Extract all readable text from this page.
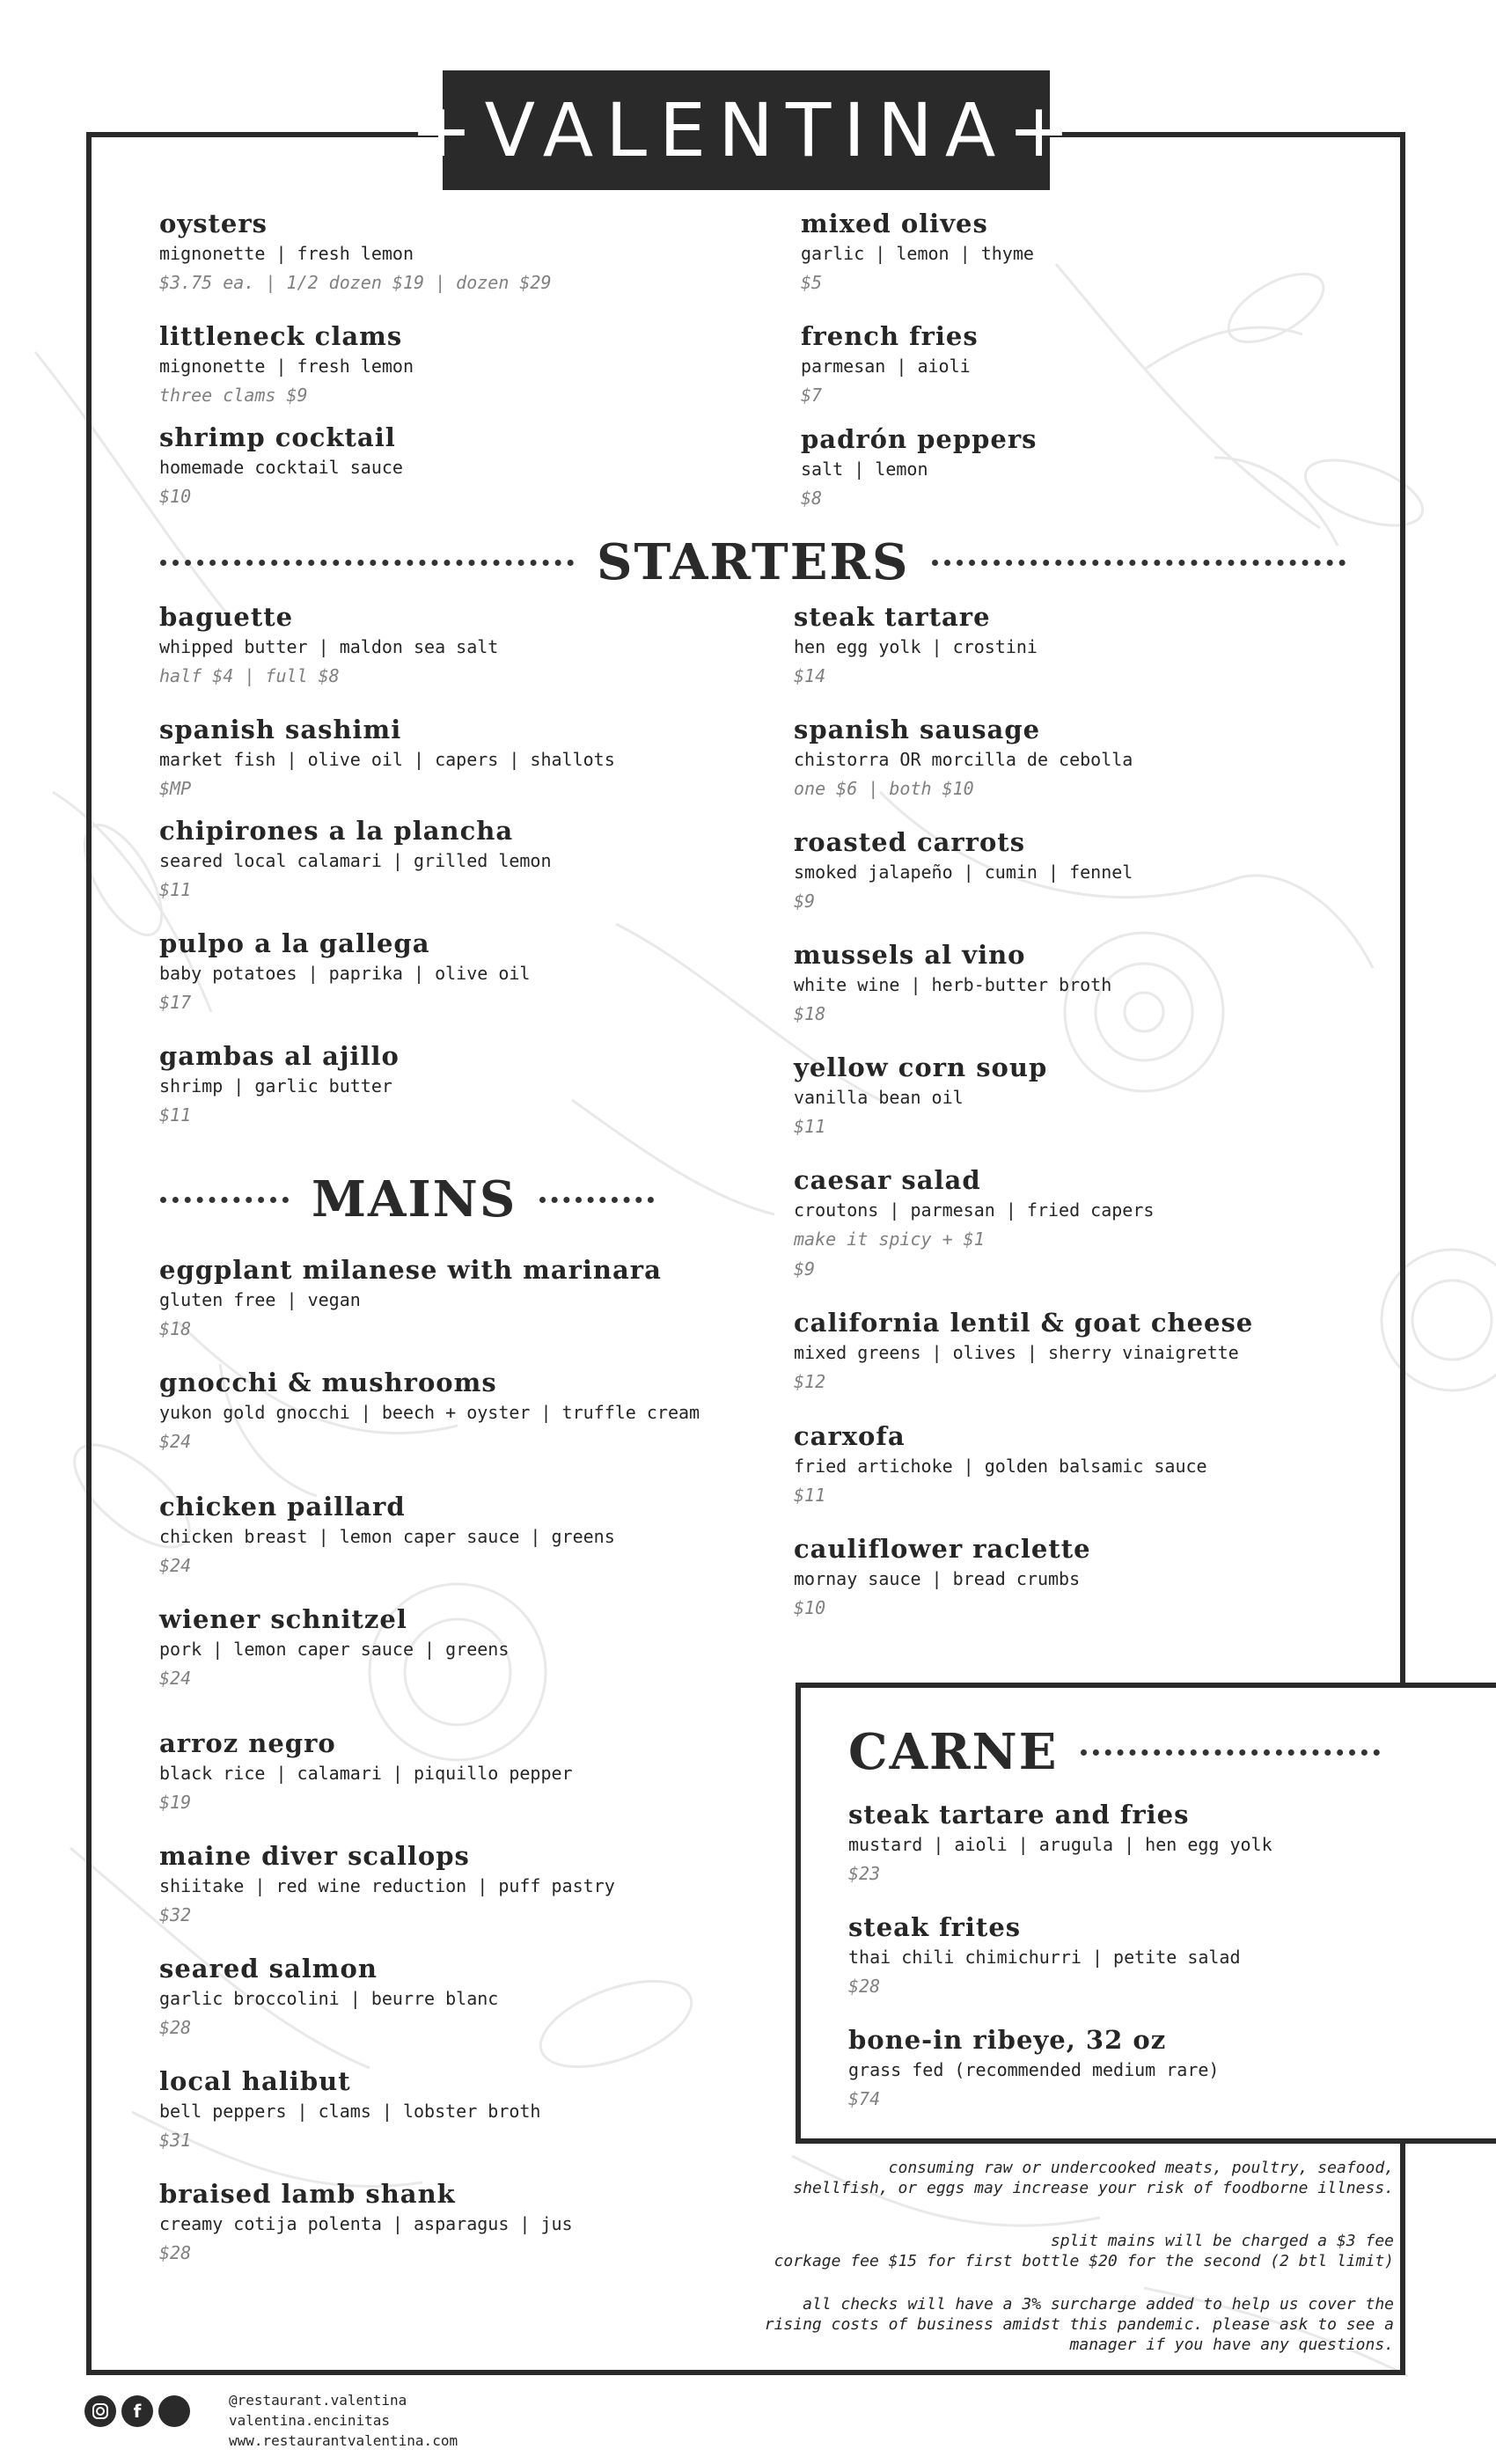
+VALENTINA+
oysters
mignonette | fresh lemon
$3.75 ea. | 1/2 dozen $19 | dozen $29
littleneck clams
mignonette | fresh lemon
three clams $9
shrimp cocktail
homemade cocktail sauce
$10
mixed olives
garlic | lemon | thyme
$5
french fries
parmesan | aioli
$7
padrón peppers
salt | lemon
$8
STARTERS
baguette
whipped butter | maldon sea salt
half $4 | full $8
spanish sashimi
market fish | olive oil | capers | shallots
$MP
chipirones a la plancha
seared local calamari | grilled lemon
$11
pulpo a la gallega
baby potatoes | paprika | olive oil
$17
gambas al ajillo
shrimp | garlic butter
$11
steak tartare
hen egg yolk | crostini
$14
spanish sausage
chistorra OR morcilla de cebolla
one $6 | both $10
roasted carrots
smoked jalapeño | cumin | fennel
$9
mussels al vino
white wine | herb-butter broth
$18
yellow corn soup
vanilla bean oil
$11
caesar salad
croutons | parmesan | fried capers
make it spicy + $1
$9
california lentil & goat cheese
mixed greens | olives | sherry vinaigrette
$12
carxofa
fried artichoke | golden balsamic sauce
$11
cauliflower raclette
mornay sauce | bread crumbs
$10
MAINS
eggplant milanese with marinara
gluten free | vegan
$18
gnocchi & mushrooms
yukon gold gnocchi | beech + oyster | truffle cream
$24
chicken paillard
chicken breast | lemon caper sauce | greens
$24
wiener schnitzel
pork | lemon caper sauce | greens
$24
arroz negro
black rice | calamari | piquillo pepper
$19
maine diver scallops
shiitake | red wine reduction | puff pastry
$32
seared salmon
garlic broccolini | beurre blanc
$28
local halibut
bell peppers | clams | lobster broth
$31
braised lamb shank
creamy cotija polenta | asparagus | jus
$28
CARNE
steak tartare and fries
mustard | aioli | arugula | hen egg yolk
$23
steak frites
thai chili chimichurri | petite salad
$28
bone-in ribeye, 32 oz
grass fed (recommended medium rare)
$74
consuming raw or undercooked meats, poultry, seafood,
shellfish, or eggs may increase your risk of foodborne illness.
split mains will be charged a $3 fee
corkage fee $15 for first bottle $20 for the second (2 btl limit)
all checks will have a 3% surcharge added to help us cover the
rising costs of business amidst this pandemic. please ask to see a
manager if you have any questions.
f
@restaurant.valentina
valentina.encinitas
www.restaurantvalentina.com
